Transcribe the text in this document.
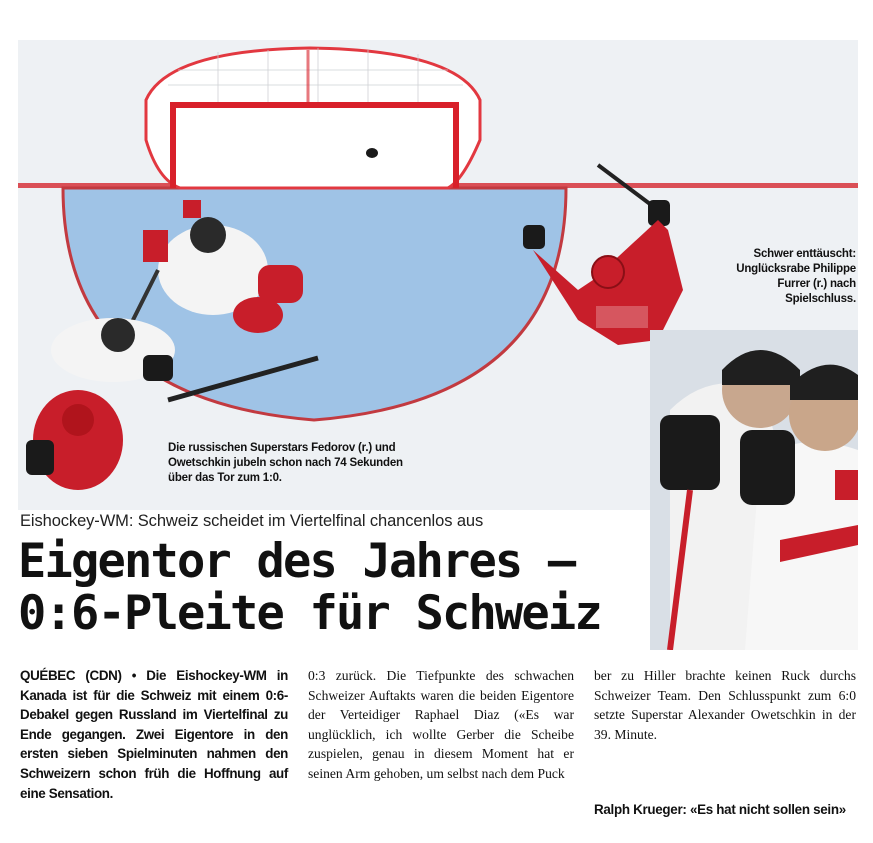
Die russischen Superstars Fedorov (r.) und Owetschkin jubeln schon nach 74 Sekunden über das Tor zum 1:0.
Schwer enttäuscht: Unglücksrabe Philippe Furrer (r.) nach Spielschluss.
Eishockey-WM: Schweiz scheidet im Viertelfinal chancenlos aus
Eigentor des Jahres –
0:6-Pleite für Schweiz
QUÉBEC (CDN) • Die Eishockey-WM in Kanada ist für die Schweiz mit einem 0:6-Debakel gegen Russland im Viertelfinal zu Ende gegangen. Zwei Eigentore in den ersten sieben Spielminuten nahmen den Schweizern schon früh die Hoffnung auf eine Sensation.
0:3 zurück. Die Tiefpunkte des schwachen Schweizer Auftakts waren die beiden Eigentore der Verteidiger Raphael Diaz («Es war unglücklich, ich wollte Gerber die Scheibe zuspielen, genau in diesem Moment hat er seinen Arm gehoben, um selbst nach dem Puck
ber zu Hiller brachte keinen Ruck durchs Schweizer Team. Den Schlusspunkt zum 6:0 setzte Superstar Alexander Owetschkin in der 39. Minute.
Ralph Krueger: «Es hat nicht sollen sein»
